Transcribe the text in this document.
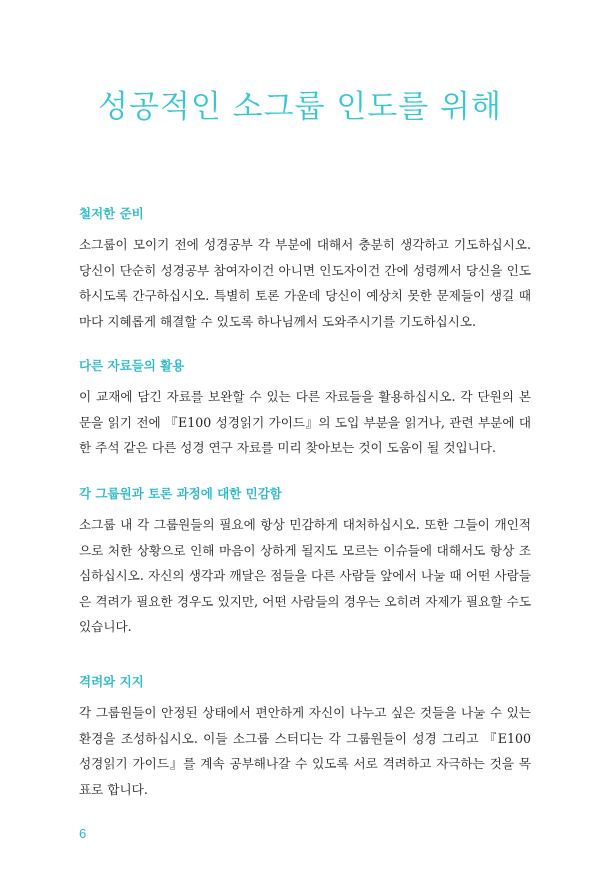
성공적인 소그룹 인도를 위해
철저한 준비

소그룹이 모이기 전에 성경공부 각 부분에 대해서 충분히 생각하고 기도하십시오. 당신이 단순히 성경공부 참여자이건 아니면 인도자이건 간에 성령께서 당신을 인도하시도록 간구하십시오. 특별히 토론 가운데 당신이 예상치 못한 문제들이 생길 때마다 지혜롭게 해결할 수 있도록 하나님께서 도와주시기를 기도하십시오.

다른 자료들의 활용

이 교재에 담긴 자료를 보완할 수 있는 다른 자료들을 활용하십시오. 각 단원의 본문을 읽기 전에 『E100 성경읽기 가이드』의 도입 부분을 읽거나, 관련 부분에 대한 주석 같은 다른 성경 연구 자료를 미리 찾아보는 것이 도움이 될 것입니다.

각 그룹원과 토론 과정에 대한 민감함

소그룹 내 각 그룹원들의 필요에 항상 민감하게 대처하십시오. 또한 그들이 개인적으로 처한 상황으로 인해 마음이 상하게 될지도 모르는 이슈들에 대해서도 항상 조심하십시오. 자신의 생각과 깨달은 점들을 다른 사람들 앞에서 나눌 때 어떤 사람들은 격려가 필요한 경우도 있지만, 어떤 사람들의 경우는 오히려 자제가 필요할 수도 있습니다.

격려와 지지

각 그룹원들이 안정된 상태에서 편안하게 자신이 나누고 싶은 것들을 나눌 수 있는 환경을 조성하십시오. 이들 소그룹 스터디는 각 그룹원들이 성경 그리고 『E100 성경읽기 가이드』를 계속 공부해나갈 수 있도록 서로 격려하고 자극하는 것을 목표로 합니다.

6
